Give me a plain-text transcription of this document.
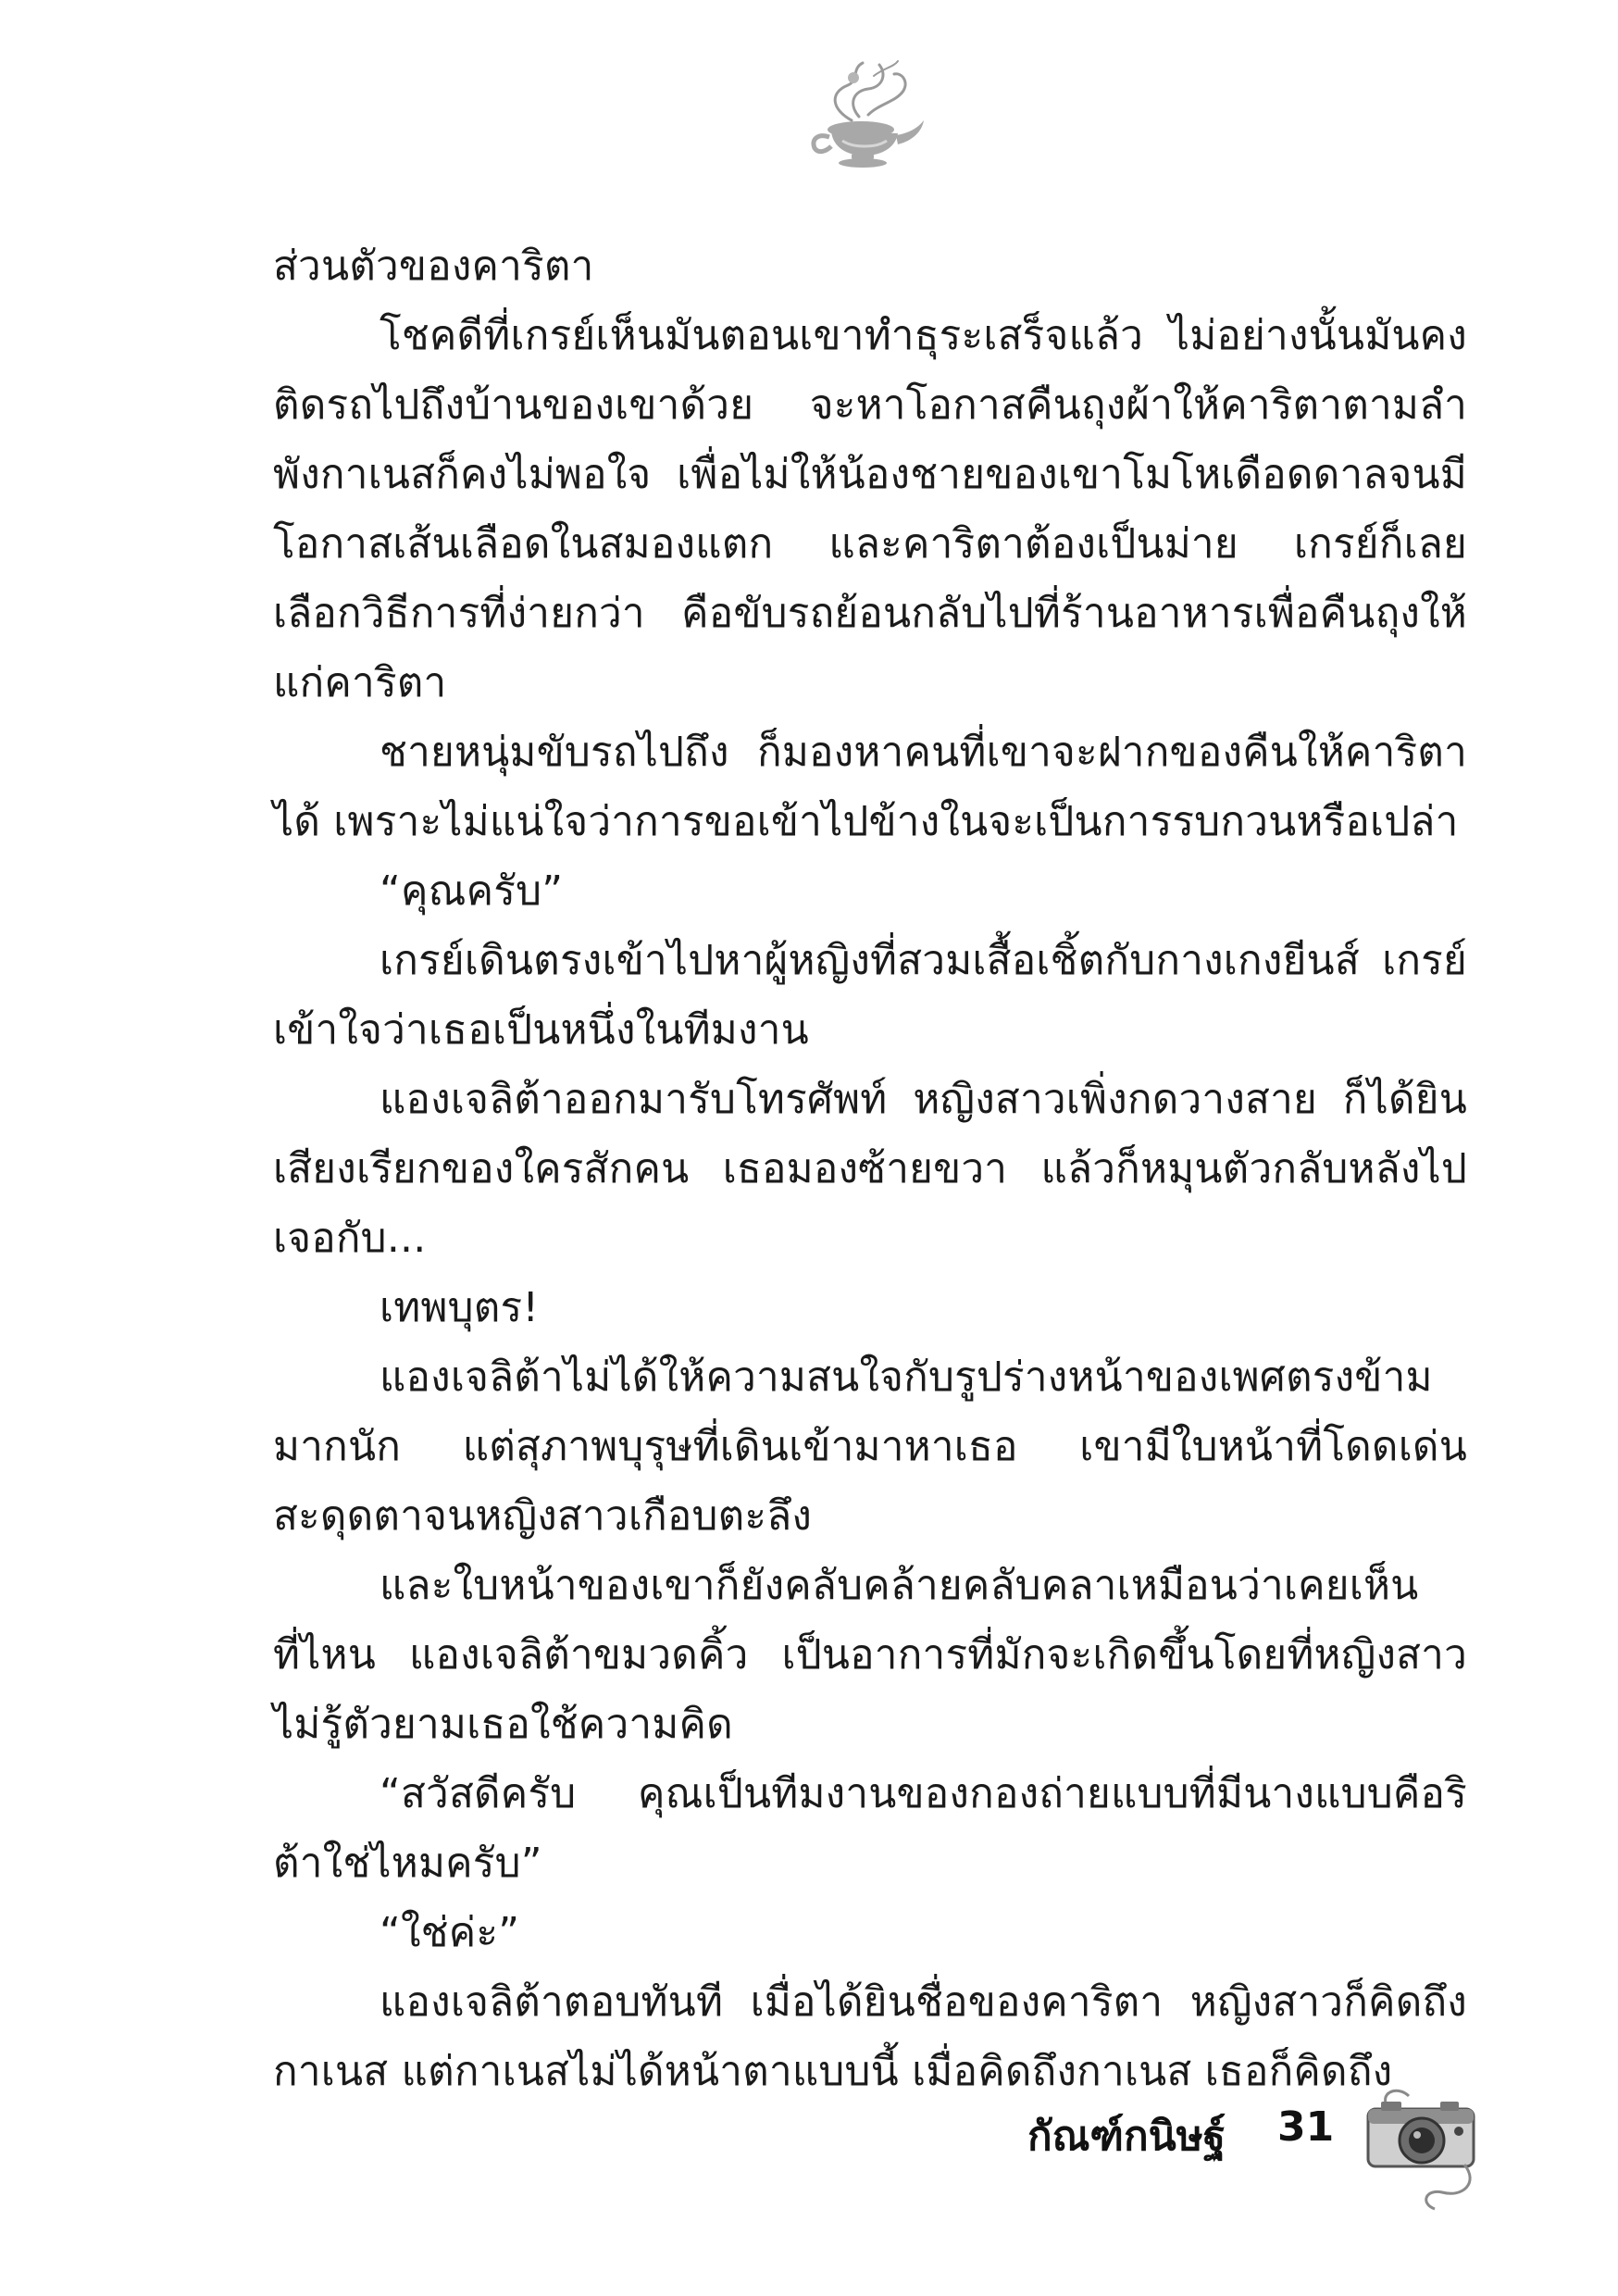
ส่วนตัวของคาริตา

โชคดีที่เกรย์เห็นมันตอนเขาทำธุระเสร็จแล้ว ไม่อย่างนั้นมันคงติดรถไปถึงบ้านของเขาด้วย จะหาโอกาสคืนถุงผ้าให้คาริตาตามลำพังกาเนสก็คงไม่พอใจ เพื่อไม่ให้น้องชายของเขาโมโหเดือดดาลจนมีโอกาสเส้นเลือดในสมองแตก และคาริตาต้องเป็นม่าย เกรย์ก็เลยเลือกวิธีการที่ง่ายกว่า คือขับรถย้อนกลับไปที่ร้านอาหารเพื่อคืนถุงให้แก่คาริตา

ชายหนุ่มขับรถไปถึง ก็มองหาคนที่เขาจะฝากของคืนให้คาริตาได้ เพราะไม่แน่ใจว่าการขอเข้าไปข้างในจะเป็นการรบกวนหรือเปล่า

“คุณครับ”

เกรย์เดินตรงเข้าไปหาผู้หญิงที่สวมเสื้อเชิ้ตกับกางเกงยีนส์ เกรย์เข้าใจว่าเธอเป็นหนึ่งในทีมงาน

แองเจลิต้าออกมารับโทรศัพท์ หญิงสาวเพิ่งกดวางสาย ก็ได้ยินเสียงเรียกของใครสักคน เธอมองซ้ายขวา แล้วก็หมุนตัวกลับหลังไปเจอกับ...

เทพบุตร!

แองเจลิต้าไม่ได้ให้ความสนใจกับรูปร่างหน้าของเพศตรงข้ามมากนัก แต่สุภาพบุรุษที่เดินเข้ามาหาเธอ เขามีใบหน้าที่โดดเด่นสะดุดตาจนหญิงสาวเกือบตะลึง

และใบหน้าของเขาก็ยังคลับคล้ายคลับคลาเหมือนว่าเคยเห็นที่ไหน แองเจลิต้าขมวดคิ้ว เป็นอาการที่มักจะเกิดขึ้นโดยที่หญิงสาวไม่รู้ตัวยามเธอใช้ความคิด

“สวัสดีครับ คุณเป็นทีมงานของกองถ่ายแบบที่มีนางแบบคือริต้าใช่ไหมครับ”

“ใช่ค่ะ”

แองเจลิต้าตอบทันที เมื่อได้ยินชื่อของคาริตา หญิงสาวก็คิดถึงกาเนส แต่กาเนสไม่ได้หน้าตาแบบนี้ เมื่อคิดถึงกาเนส เธอก็คิดถึง

กัณฑ์กนิษฐ์ 31
